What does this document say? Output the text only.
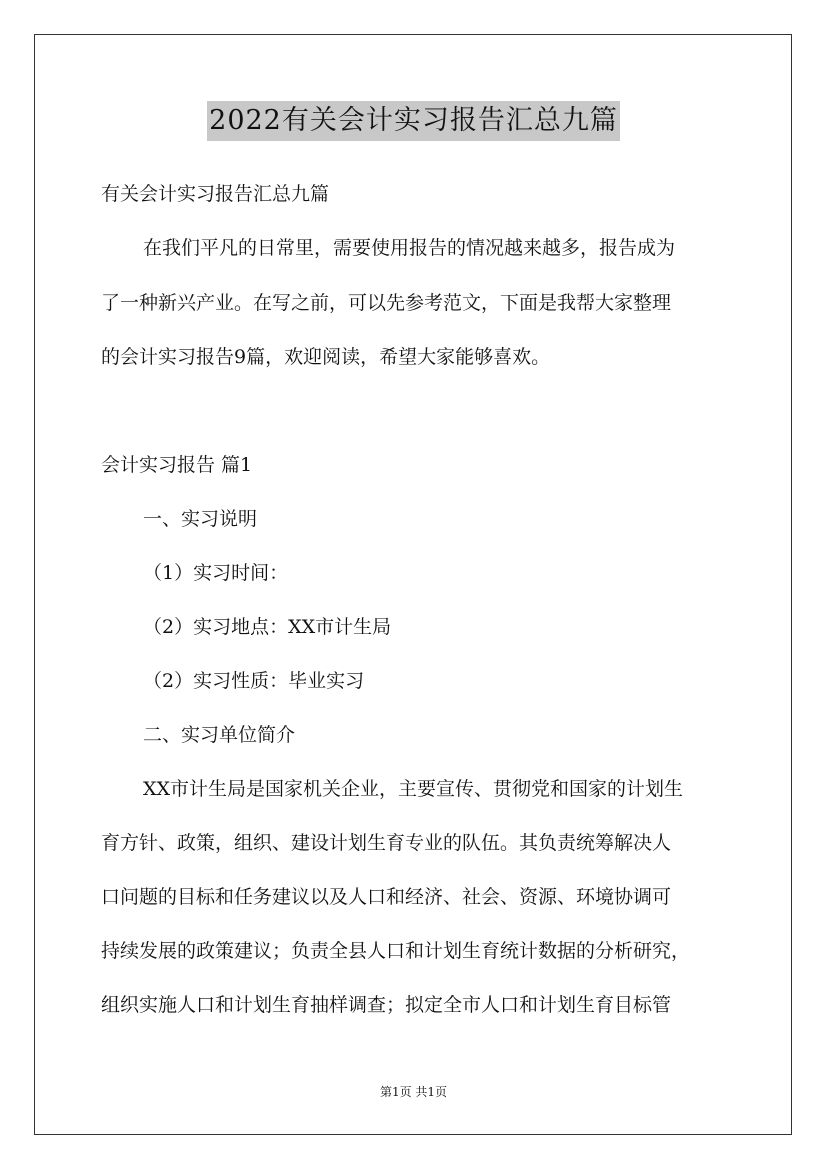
2022有关会计实习报告汇总九篇
有关会计实习报告汇总九篇
在我们平凡的日常里，需要使用报告的情况越来越多，报告成为
了一种新兴产业。在写之前，可以先参考范文，下面是我帮大家整理
的会计实习报告9篇，欢迎阅读，希望大家能够喜欢。
会计实习报告 篇1
一、实习说明
（1）实习时间：
（2）实习地点：XX市计生局
（2）实习性质：毕业实习
二、实习单位简介
XX市计生局是国家机关企业，主要宣传、贯彻党和国家的计划生
育方针、政策，组织、建设计划生育专业的队伍。其负责统筹解决人
口问题的目标和任务建议以及人口和经济、社会、资源、环境协调可
持续发展的政策建议；负责全县人口和计划生育统计数据的分析研究，
组织实施人口和计划生育抽样调查；拟定全市人口和计划生育目标管
第1页 共1页
